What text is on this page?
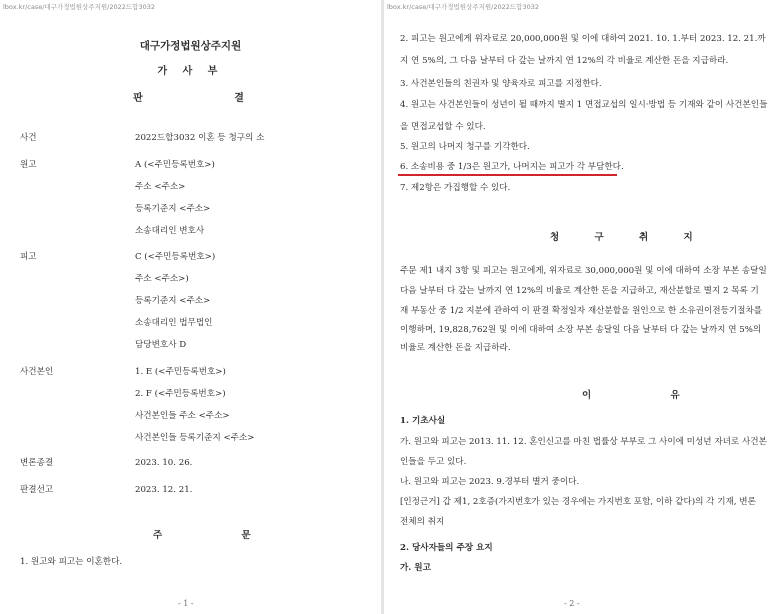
lbox.kr/case/대구가정법원상주지원/2022드합3032
대구가정법원상주지원
가 사 부
판 결
사건	2022드합3032 이혼 등 청구의 소
원고	A (<주민등록번호>)
주소 <주소>
등록기준지 <주소>
소송대리인 변호사
피고	C (<주민등록번호>)
주소 <주소>)
등록기준지 <주소>
소송대리인 법무법인
담당변호사 D
사건본인	1. E (<주민등록번호>)
2. F (<주민등록번호>)
사건본인들 주소 <주소>
사건본인들 등록기준지 <주소>
변론종결	2023. 10. 26.
판결선고	2023. 12. 21.
주 문
1. 원고와 피고는 이혼한다.
- 1 -
lbox.kr/case/대구가정법원상주지원/2022드합3032
2. 피고는 원고에게 위자료로 20,000,000원 및 이에 대하여 2021. 10. 1.부터 2023. 12. 21.까
지 연 5%의, 그 다음 날부터 다 갚는 날까지 연 12%의 각 비율로 계산한 돈을 지급하라.
3. 사건본인들의 친권자 및 양육자로 피고를 지정한다.
4. 원고는 사건본인들이 성년이 될 때까지 별지 1 면접교섭의 일시·방법 등 기재와 같이 사건본인들
을 면접교섭할 수 있다.
5. 원고의 나머지 청구를 기각한다.
6. 소송비용 중 1/3은 원고가, 나머지는 피고가 각 부담한다.
7. 제2항은 가집행할 수 있다.
청 구 취 지
주문 제1 내지 3항 및 피고는 원고에게, 위자료로 30,000,000원 및 이에 대하여 소장 부본 송달일
다음 날부터 다 갚는 날까지 연 12%의 비율로 계산한 돈을 지급하고, 재산분할로 별지 2 목록 기
재 부동산 중 1/2 지분에 관하여 이 판결 확정일자 재산분할을 원인으로 한 소유권이전등기절차를
이행하며, 19,828,762원 및 이에 대하여 소장 부본 송달일 다음 날부터 다 갚는 날까지 연 5%의
비율로 계산한 돈을 지급하라.
이 유
1. 기초사실
가. 원고와 피고는 2013. 11. 12. 혼인신고를 마친 법률상 부부로 그 사이에 미성년 자녀로 사건본
인들을 두고 있다.
나. 원고와 피고는 2023. 9.경부터 별거 중이다.
[인정근거] 갑 제1, 2호증(가지번호가 있는 경우에는 가지번호 포함, 이하 같다)의 각 기재, 변론
전체의 취지
2. 당사자들의 주장 요지
가. 원고
- 2 -
